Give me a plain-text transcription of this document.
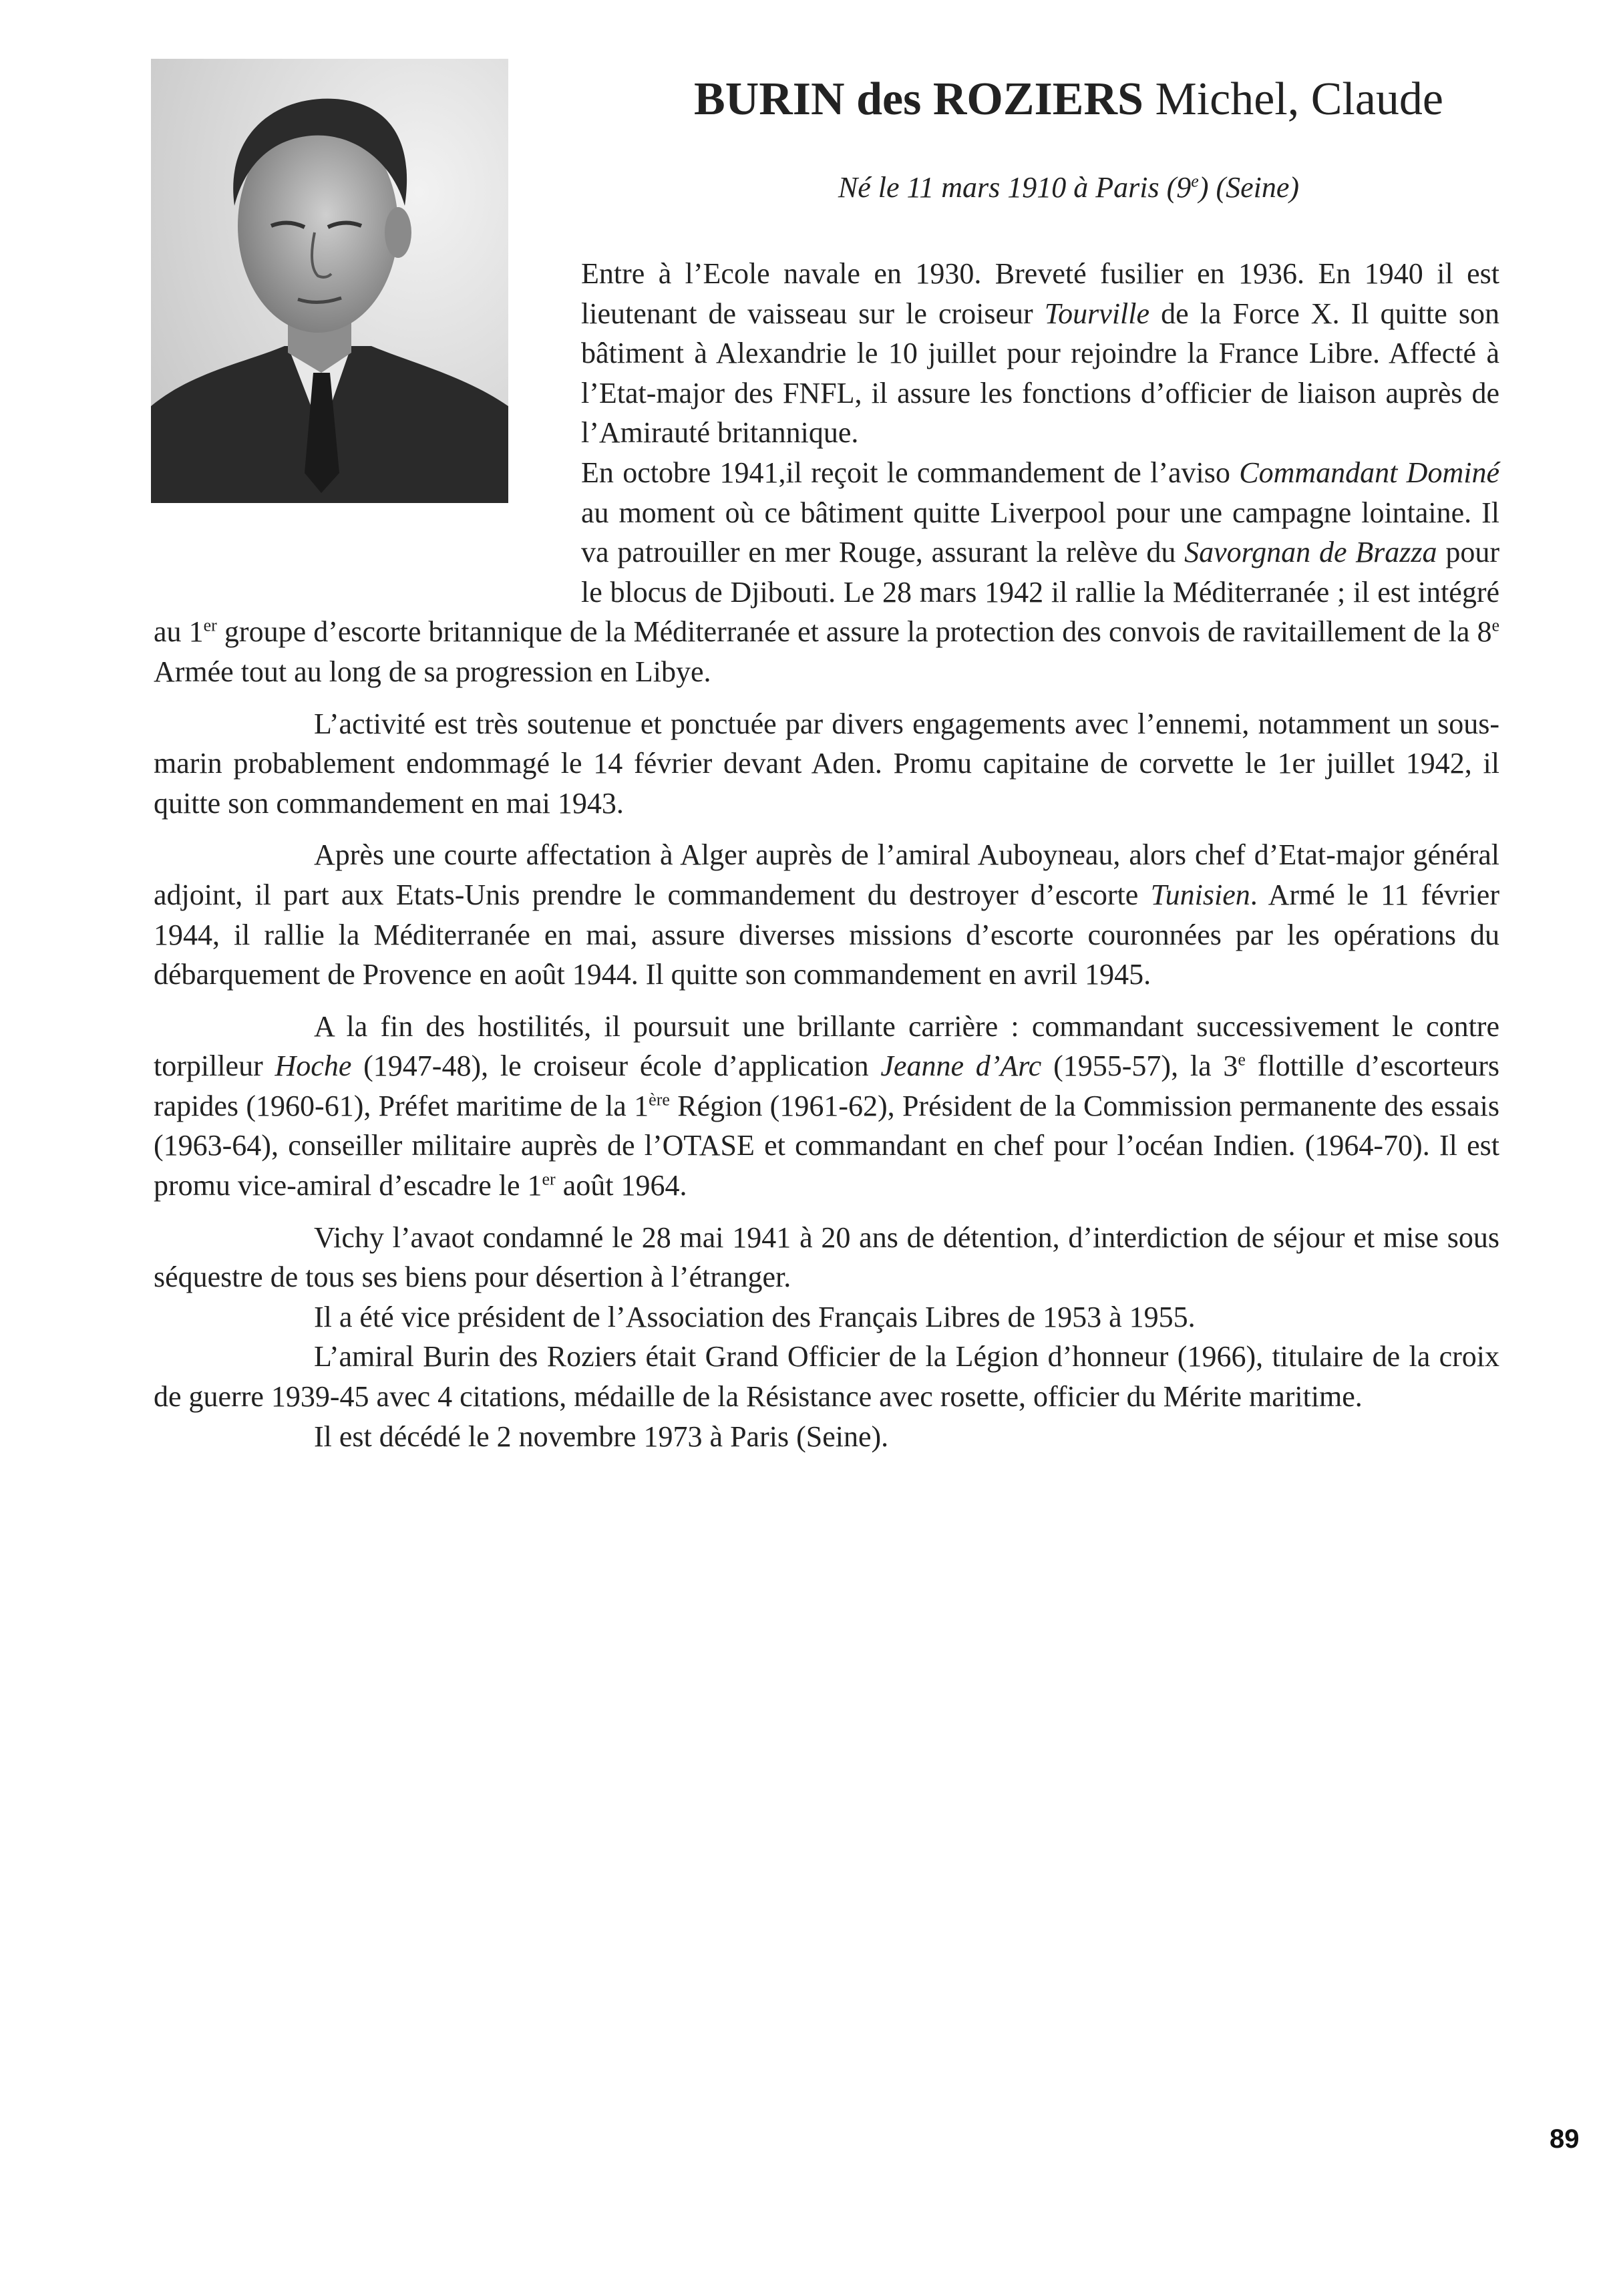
BURIN des ROZIERS Michel, Claude

Né le 11 mars 1910 à Paris (9e) (Seine)

Entre à l’Ecole navale en 1930. Breveté fusilier en 1936. En 1940 il est lieutenant de vaisseau sur le croiseur Tourville de la Force X. Il quitte son bâtiment à Alexandrie le 10 juillet pour rejoindre la France Libre. Affecté à l’Etat-major des FNFL, il assure les fonctions d’officier de liaison auprès de l’Amirauté britannique.

En octobre 1941,il reçoit le commandement de l’aviso Commandant Dominé au moment où ce bâtiment quitte Liverpool pour une campagne lointaine. Il va patrouiller en mer Rouge, assurant la relève du Savorgnan de Brazza pour le blocus de Djibouti. Le 28 mars 1942 il rallie la Méditerranée ; il est intégré au 1er groupe d’escorte britannique de la Méditerranée et assure la protection des convois de ravitaillement de la 8e Armée tout au long de sa progression en Libye.

L’activité est très soutenue et ponctuée par divers engagements avec l’ennemi, notamment un sous-marin probablement endommagé le 14 février devant Aden. Promu capitaine de corvette le 1er juillet 1942, il quitte son commandement en mai 1943.

Après une courte affectation à Alger auprès de l’amiral Auboyneau, alors chef d’Etat-major général adjoint, il part aux Etats-Unis prendre le commandement du destroyer d’escorte Tunisien. Armé le 11 février 1944, il rallie la Méditerranée en mai, assure diverses missions d’escorte couronnées par les opérations du débarquement de Provence en août 1944. Il quitte son commandement en avril 1945.

A la fin des hostilités, il poursuit une brillante carrière : commandant successivement le contre torpilleur Hoche (1947-48), le croiseur école d’application Jeanne d’Arc (1955-57), la 3e flottille d’escorteurs rapides (1960-61), Préfet maritime de la 1ère Région (1961-62), Président de la Commission permanente des essais (1963-64), conseiller militaire auprès de l’OTASE et commandant en chef pour l’océan Indien. (1964-70). Il est promu vice-amiral d’escadre le 1er août 1964.

Vichy l’avaot condamné le 28 mai 1941 à 20 ans de détention, d’interdiction de séjour et mise sous séquestre de tous ses biens pour désertion à l’étranger.

Il a été vice président de l’Association des Français Libres de 1953 à 1955.

L’amiral Burin des Roziers était Grand Officier de la Légion d’honneur (1966), titulaire de la croix de guerre 1939-45 avec 4 citations, médaille de la Résistance avec rosette, officier du Mérite maritime.

Il est décédé le 2 novembre 1973 à Paris (Seine).

89
